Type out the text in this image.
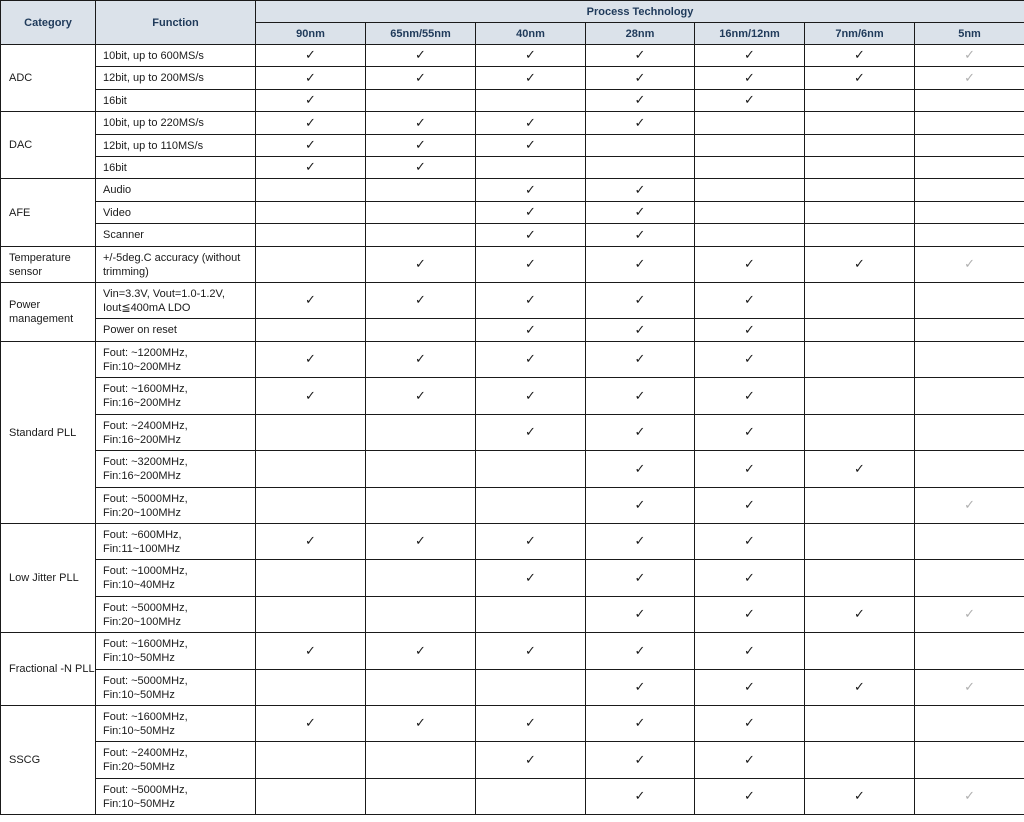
Category	Function	Process Technology						
		90nm	65nm/55nm	40nm	28nm	16nm/12nm	7nm/6nm	5nm
ADC	10bit, up to 600MS/s	✓	✓	✓	✓	✓	✓	✓
	12bit, up to 200MS/s	✓	✓	✓	✓	✓	✓	✓
	16bit	✓			✓	✓		
DAC	10bit, up to 220MS/s	✓	✓	✓	✓			
	12bit, up to 110MS/s	✓	✓	✓				
	16bit	✓	✓					
AFE	Audio			✓	✓			
	Video			✓	✓			
	Scanner			✓	✓			
Temperature sensor	+/-5deg.C accuracy (without trimming)		✓	✓	✓	✓	✓	✓
Power management	Vin=3.3V, Vout=1.0-1.2V, Iout≦400mA LDO	✓	✓	✓	✓	✓		
	Power on reset			✓	✓	✓		
Standard PLL	Fout: ~1200MHz, Fin:10~200MHz	✓	✓	✓	✓	✓		
	Fout: ~1600MHz, Fin:16~200MHz	✓	✓	✓	✓	✓		
	Fout: ~2400MHz, Fin:16~200MHz			✓	✓	✓		
	Fout: ~3200MHz, Fin:16~200MHz				✓	✓	✓	
	Fout: ~5000MHz, Fin:20~100MHz				✓	✓		✓
Low Jitter PLL	Fout: ~600MHz, Fin:11~100MHz	✓	✓	✓	✓	✓		
	Fout: ~1000MHz, Fin:10~40MHz			✓	✓	✓		
	Fout: ~5000MHz, Fin:20~100MHz				✓	✓	✓	✓
Fractional -N PLL	Fout: ~1600MHz, Fin:10~50MHz	✓	✓	✓	✓	✓		
	Fout: ~5000MHz, Fin:10~50MHz				✓	✓	✓	✓
SSCG	Fout: ~1600MHz, Fin:10~50MHz	✓	✓	✓	✓	✓		
	Fout: ~2400MHz, Fin:20~50MHz			✓	✓	✓		
	Fout: ~5000MHz, Fin:10~50MHz				✓	✓	✓	✓
